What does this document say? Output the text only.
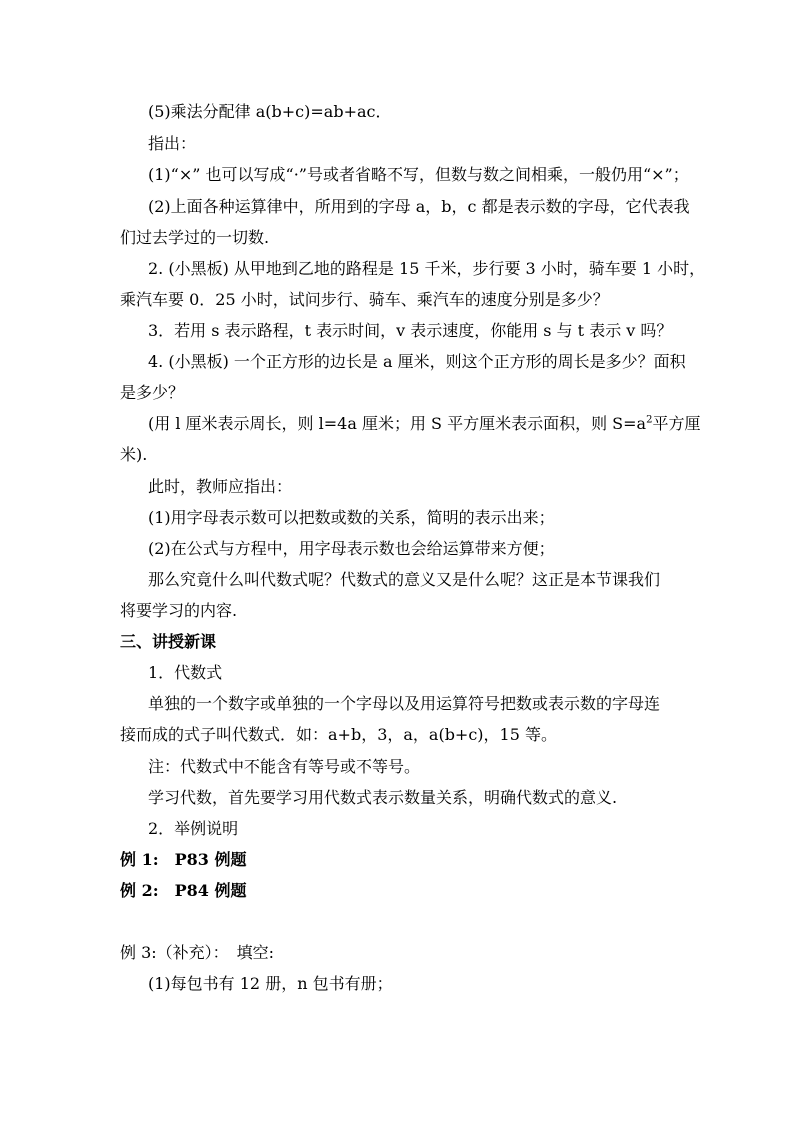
(5)乘法分配律 a(b+c)=ab+ac．
指出：
(1)“×” 也可以写成“·”号或者省略不写，但数与数之间相乘，一般仍用“×”；
(2)上面各种运算律中，所用到的字母 a，b，c 都是表示数的字母，它代表我
们过去学过的一切数.
2. (小黑板) 从甲地到乙地的路程是 15 千米，步行要 3 小时，骑车要 1 小时，
乘汽车要 0．25 小时，试问步行、骑车、乘汽车的速度分别是多少？
3．若用 s 表示路程，t 表示时间，v 表示速度，你能用 s 与 t 表示 v 吗？
4. (小黑板) 一个正方形的边长是 a 厘米，则这个正方形的周长是多少？面积
是多少？
(用 l 厘米表示周长，则 l=4a 厘米；用 S 平方厘米表示面积，则 $S=a^2$平方厘
米).
此时，教师应指出：
(1)用字母表示数可以把数或数的关系，简明的表示出来；
(2)在公式与方程中，用字母表示数也会给运算带来方便；
那么究竟什么叫代数式呢？代数式的意义又是什么呢？这正是本节课我们
将要学习的内容.
三、讲授新课
1．代数式
单独的一个数字或单独的一个字母以及用运算符号把数或表示数的字母连
接而成的式子叫代数式．如：a+b，3，a，a(b+c)，15 等。
注：代数式中不能含有等号或不等号。
学习代数，首先要学习用代数式表示数量关系，明确代数式的意义.
2．举例说明
例 1:　P83 例题
例 2:　P84 例题
例 3:（补充）：　填空:
(1)每包书有 12 册，n 包书有册；
